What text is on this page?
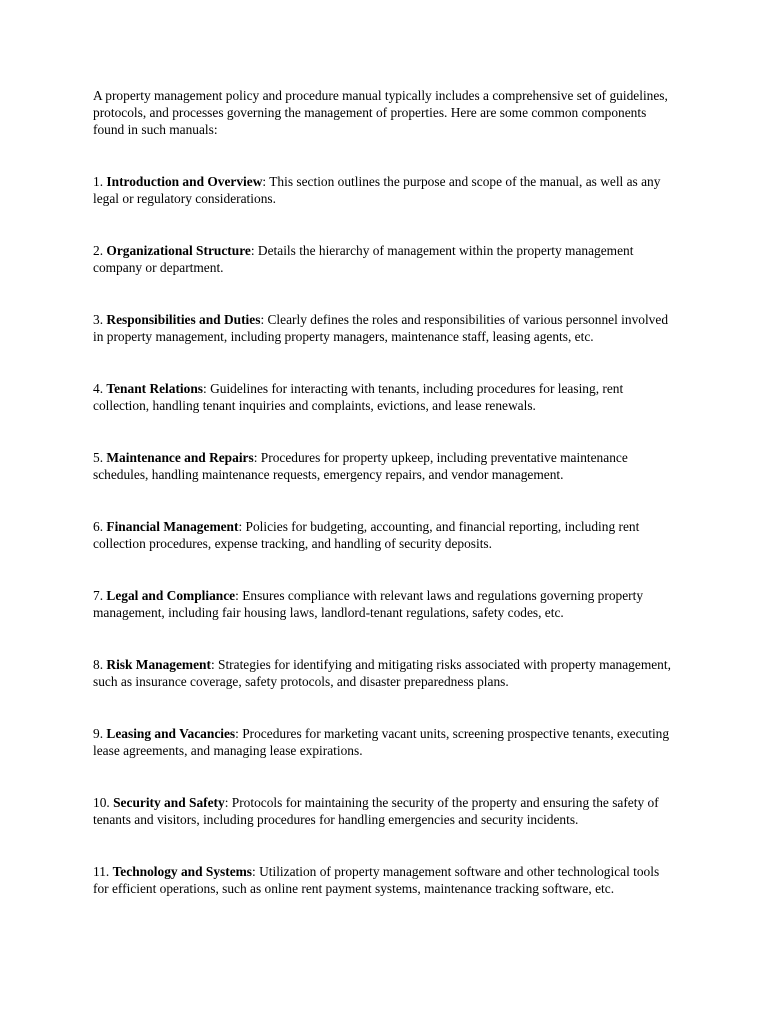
A property management policy and procedure manual typically includes a comprehensive set of guidelines, protocols, and processes governing the management of properties. Here are some common components found in such manuals:

1. Introduction and Overview: This section outlines the purpose and scope of the manual, as well as any legal or regulatory considerations.

2. Organizational Structure: Details the hierarchy of management within the property management company or department.

3. Responsibilities and Duties: Clearly defines the roles and responsibilities of various personnel involved in property management, including property managers, maintenance staff, leasing agents, etc.

4. Tenant Relations: Guidelines for interacting with tenants, including procedures for leasing, rent collection, handling tenant inquiries and complaints, evictions, and lease renewals.

5. Maintenance and Repairs: Procedures for property upkeep, including preventative maintenance schedules, handling maintenance requests, emergency repairs, and vendor management.

6. Financial Management: Policies for budgeting, accounting, and financial reporting, including rent collection procedures, expense tracking, and handling of security deposits.

7. Legal and Compliance: Ensures compliance with relevant laws and regulations governing property management, including fair housing laws, landlord-tenant regulations, safety codes, etc.

8. Risk Management: Strategies for identifying and mitigating risks associated with property management, such as insurance coverage, safety protocols, and disaster preparedness plans.

9. Leasing and Vacancies: Procedures for marketing vacant units, screening prospective tenants, executing lease agreements, and managing lease expirations.

10. Security and Safety: Protocols for maintaining the security of the property and ensuring the safety of tenants and visitors, including procedures for handling emergencies and security incidents.

11. Technology and Systems: Utilization of property management software and other technological tools for efficient operations, such as online rent payment systems, maintenance tracking software, etc.
